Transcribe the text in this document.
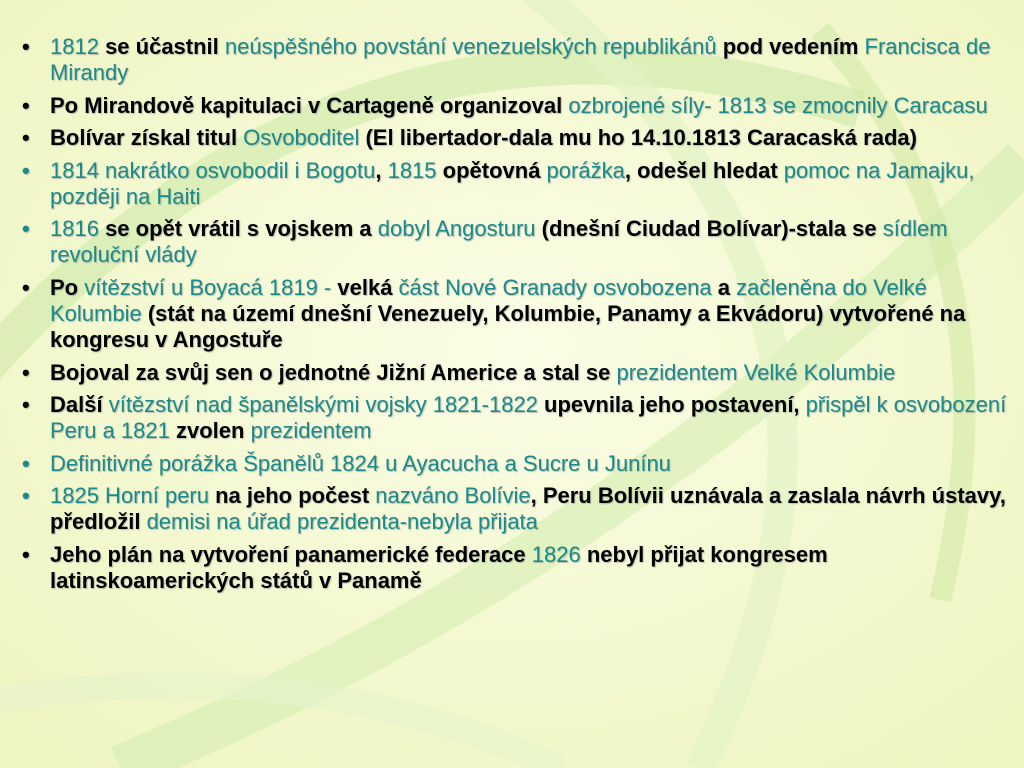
• 1812 se účastnil neúspěšného povstání venezuelských republikánů pod vedením Francisca de Mirandy
• Po Mirandově kapitulaci v Cartageně organizoval ozbrojené síly- 1813 se zmocnily Caracasu
• Bolívar získal titul Osvoboditel (El libertador-dala mu ho 14.10.1813 Caracaská rada)
• 1814 nakrátko osvobodil i Bogotu, 1815 opětovná porážka, odešel hledat pomoc na Jamajku, později na Haiti
• 1816 se opět vrátil s vojskem a dobyl Angosturu (dnešní Ciudad Bolívar)-stala se sídlem revoluční vlády
• Po vítězství u Boyacá 1819 - velká část Nové Granady osvobozena a začleněna do Velké Kolumbie (stát na území dnešní Venezuely, Kolumbie, Panamy a Ekvádoru) vytvořené na kongresu v Angostuře
• Bojoval za svůj sen o jednotné Jižní Americe a stal se prezidentem Velké Kolumbie
• Další vítězství nad španělskými vojsky 1821-1822 upevnila jeho postavení, přispěl k osvobození Peru a 1821 zvolen prezidentem
• Definitivné porážka Španělů 1824 u Ayacucha a Sucre u Junínu
• 1825 Horní peru na jeho počest nazváno Bolívie, Peru Bolívii uznávala a zaslala návrh ústavy, předložil demisi na úřad prezidenta-nebyla přijata
• Jeho plán na vytvoření panamerické federace 1826 nebyl přijat kongresem latinskoamerických států v Panamě
